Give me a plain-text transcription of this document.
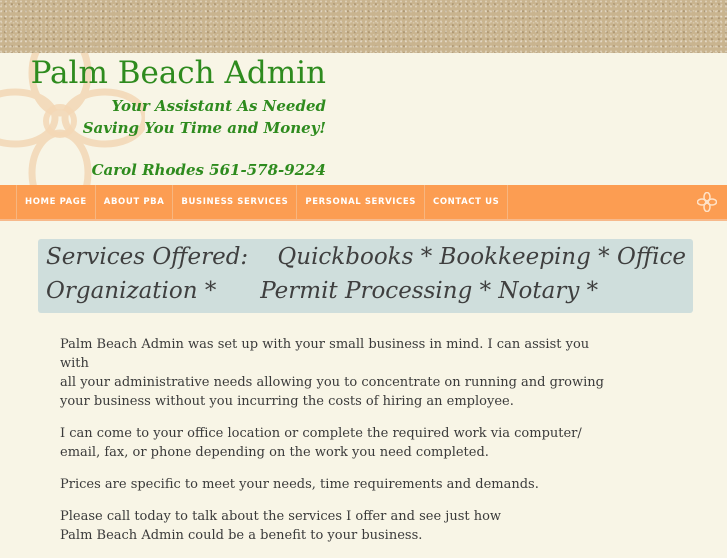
Palm Beach Admin
Your Assistant As Needed
Saving You Time and Money!
Carol Rhodes 561-578-9224
HOME PAGE	ABOUT PBA	BUSINESS SERVICES	PERSONAL SERVICES	CONTACT US
Services Offered:    Quickbooks * Bookkeeping * Office
Organization *      Permit Processing * Notary *

Palm Beach Admin was set up with your small business in mind. I can assist you with
all your administrative needs allowing you to concentrate on running and growing
your business without you incurring the costs of hiring an employee.

I can come to your office location or complete the required work via computer/
email, fax, or phone depending on the work you need completed.

Prices are specific to meet your needs, time requirements and demands.

Please call today to talk about the services I offer and see just how
Palm Beach Admin could be a benefit to your business.
